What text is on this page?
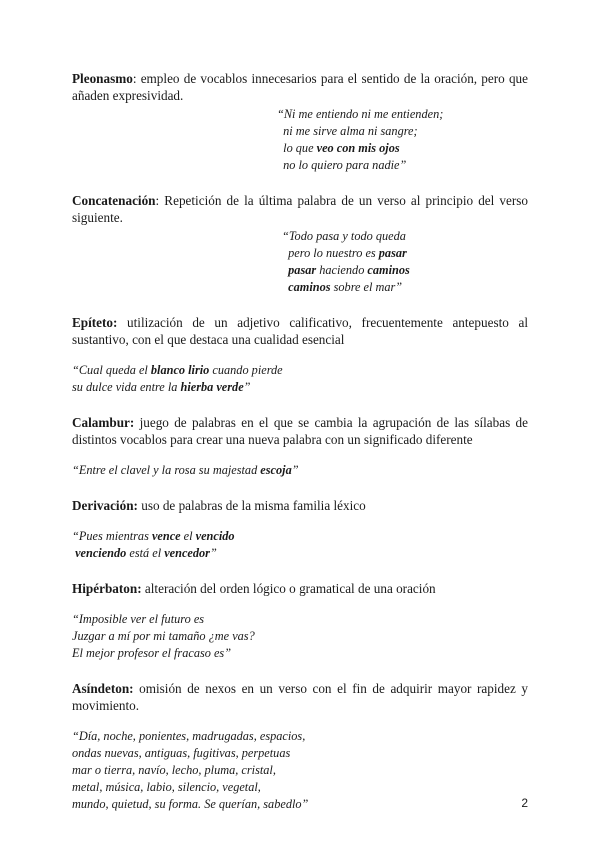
Pleonasmo: empleo de vocablos innecesarios para el sentido de la oración, pero que añaden expresividad.

“Ni me entiendo ni me entienden;
ni me sirve alma ni sangre;
lo que veo con mis ojos
no lo quiero para nadie”

Concatenación: Repetición de la última palabra de un verso al principio del verso siguiente.

“Todo pasa y todo queda
pero lo nuestro es pasar
pasar haciendo caminos
caminos sobre el mar”

Epíteto: utilización de un adjetivo calificativo, frecuentemente antepuesto al sustantivo, con el que destaca una cualidad esencial

“Cual queda el blanco lirio cuando pierde
su dulce vida entre la hierba verde”

Calambur: juego de palabras en el que se cambia la agrupación de las sílabas de distintos vocablos para crear una nueva palabra con un significado diferente

“Entre el clavel y la rosa su majestad escoja”

Derivación: uso de palabras de la misma familia léxico

“Pues mientras vence el vencido
venciendo está el vencedor”

Hipérbaton: alteración del orden lógico o gramatical de una oración

“Imposible ver el futuro es
Juzgar a mí por mi tamaño ¿me vas?
El mejor profesor el fracaso es”

Asíndeton: omisión de nexos en un verso con el fin de adquirir mayor rapidez y movimiento.

“Día, noche, ponientes, madrugadas, espacios,
ondas nuevas, antiguas, fugitivas, perpetuas
mar o tierra, navío, lecho, pluma, cristal,
metal, música, labio, silencio, vegetal,
mundo, quietud, su forma. Se querían, sabedlo”	2
